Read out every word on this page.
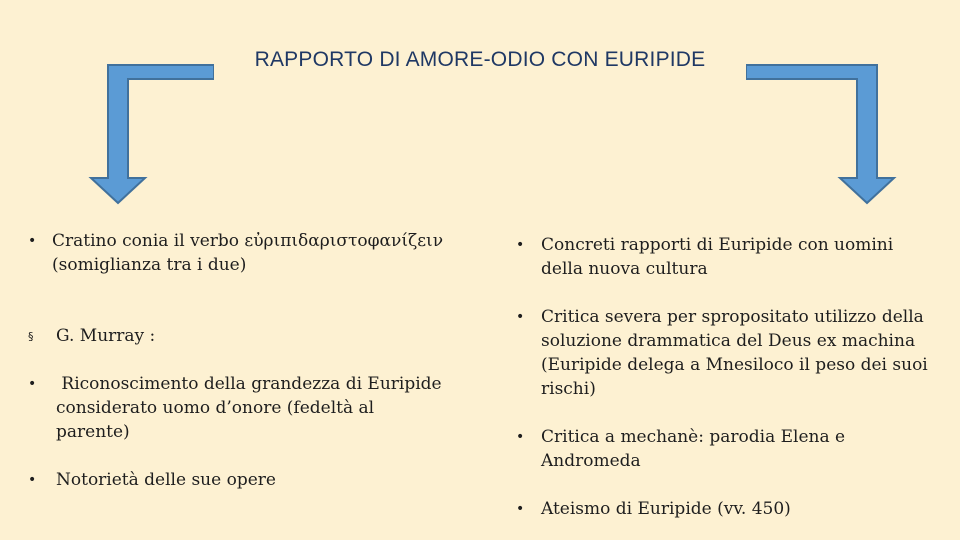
RAPPORTO DI AMORE-ODIO CON EURIPIDE
• Cratino conia il verbo εὐριπιδαριστοφανίζειν
(somiglianza tra i due)
§	G. Murray :
•	Riconoscimento della grandezza di Euripide
considerato uomo d’onore (fedeltà al
parente)
•	Notorietà delle sue opere
• Concreti rapporti di Euripide con uomini
della nuova cultura
• Critica severa per spropositato utilizzo della
soluzione drammatica del Deus ex machina
(Euripide delega a Mnesiloco il peso dei suoi
rischi)
• Critica a mechanè: parodia Elena e
Andromeda
• Ateismo di Euripide (vv. 450)
